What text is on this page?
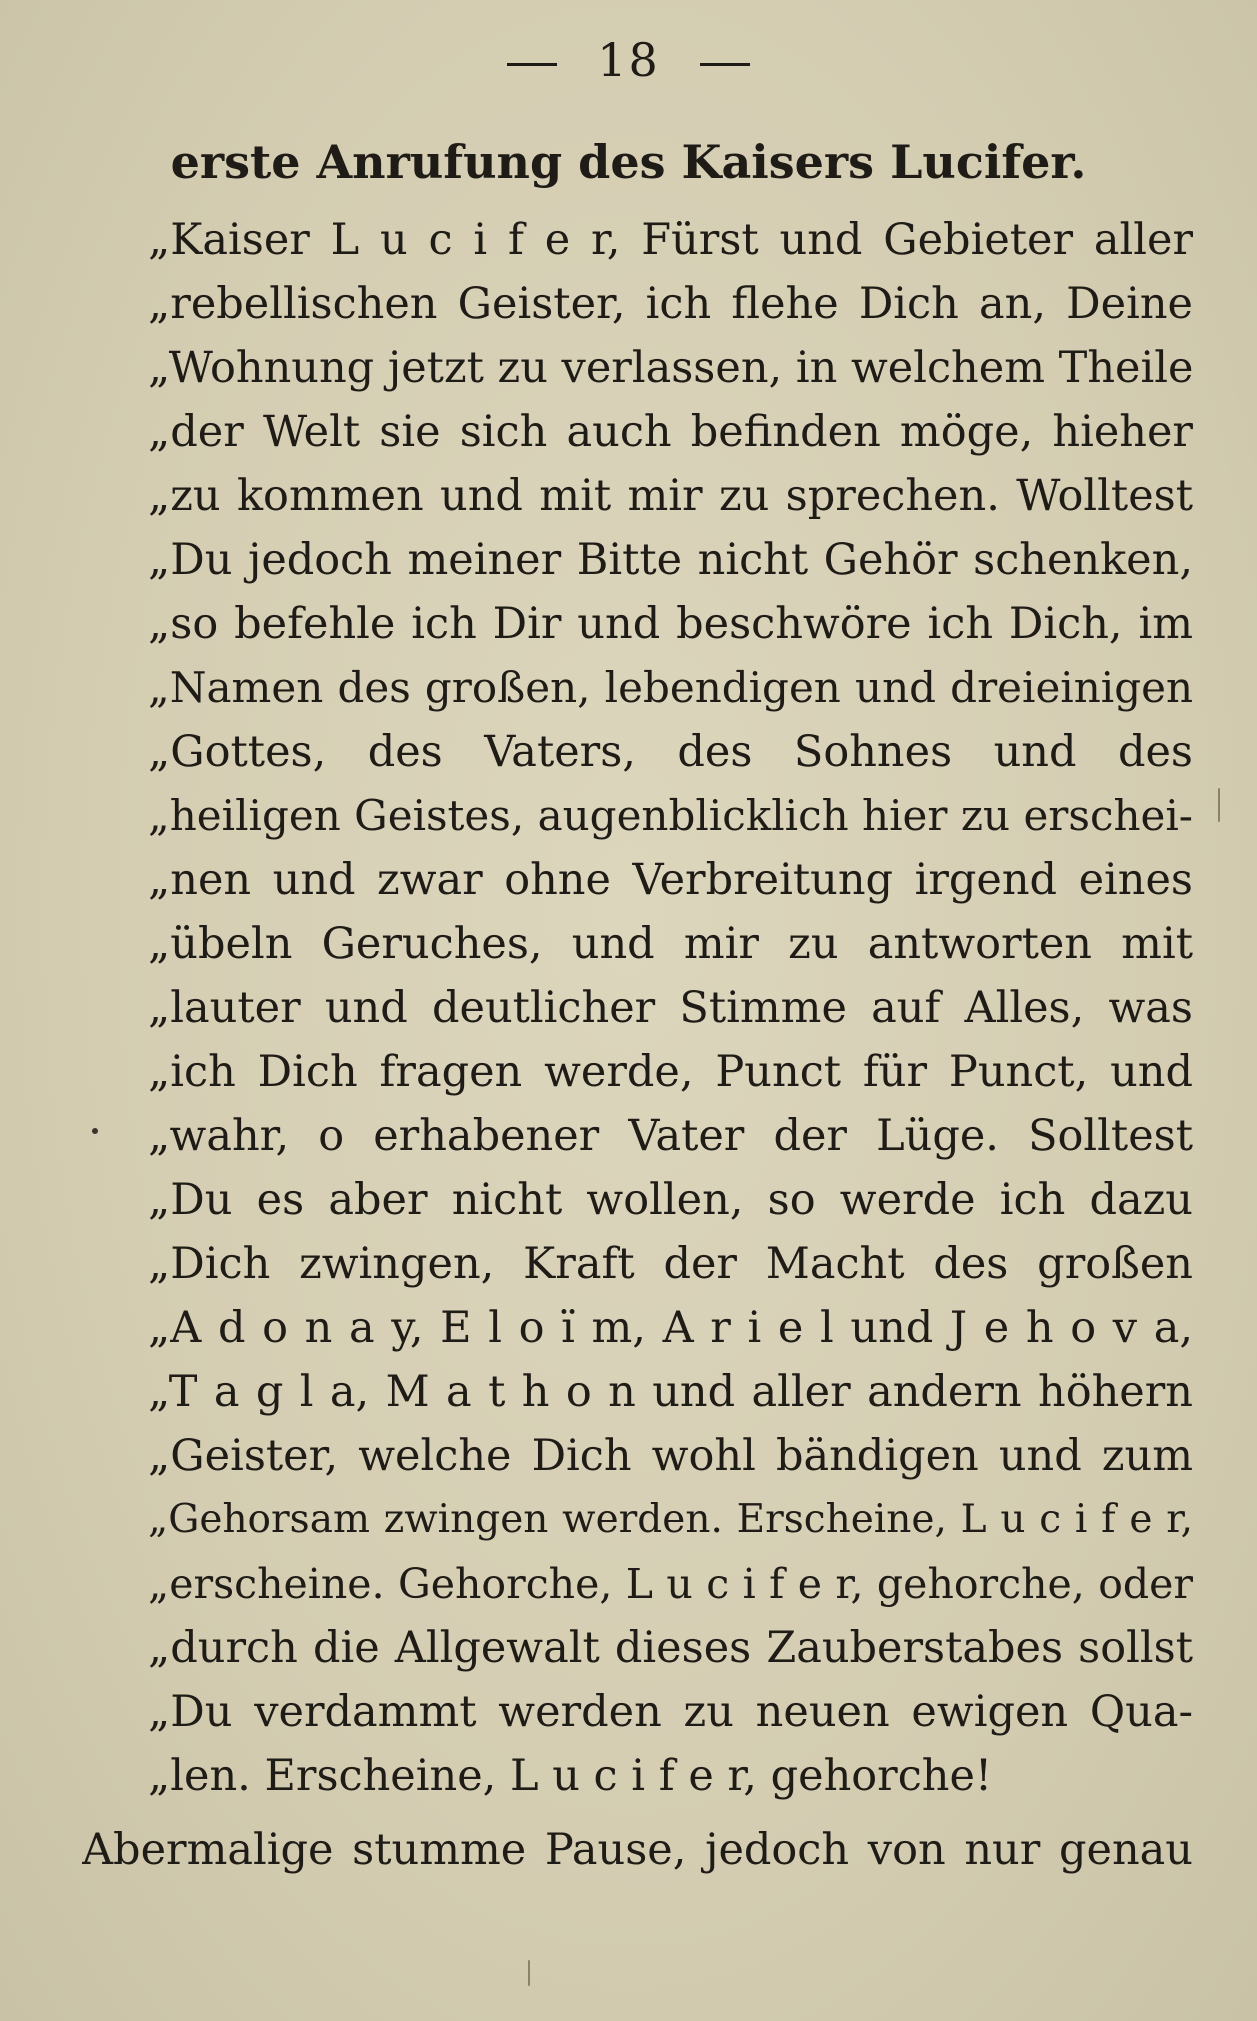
18
erste Anrufung des Kaisers Lucifer.
„Kaiser L u c i f e r, Fürst und Gebieter aller
„rebellischen Geister, ich flehe Dich an, Deine
„Wohnung jetzt zu verlassen, in welchem Theile
„der Welt sie sich auch befinden möge, hieher
„zu kommen und mit mir zu sprechen. Wolltest
„Du jedoch meiner Bitte nicht Gehör schenken,
„so befehle ich Dir und beschwöre ich Dich, im
„Namen des großen, lebendigen und dreieinigen
„Gottes, des Vaters, des Sohnes und des
„heiligen Geistes, augenblicklich hier zu erschei-
„nen und zwar ohne Verbreitung irgend eines
„übeln Geruches, und mir zu antworten mit
„lauter und deutlicher Stimme auf Alles, was
„ich Dich fragen werde, Punct für Punct, und
„wahr, o erhabener Vater der Lüge. Solltest
„Du es aber nicht wollen, so werde ich dazu
„Dich zwingen, Kraft der Macht des großen
„A d o n a y, E l o ï m, A r i e l und J e h o v a,
„T a g l a, M a t h o n und aller andern höhern
„Geister, welche Dich wohl bändigen und zum
„Gehorsam zwingen werden. Erscheine, L u c i f e r,
„erscheine. Gehorche, L u c i f e r, gehorche, oder
„durch die Allgewalt dieses Zauberstabes sollst
„Du verdammt werden zu neuen ewigen Qua-
„len. Erscheine, L u c i f e r, gehorche!
Abermalige stumme Pause, jedoch von nur genau
